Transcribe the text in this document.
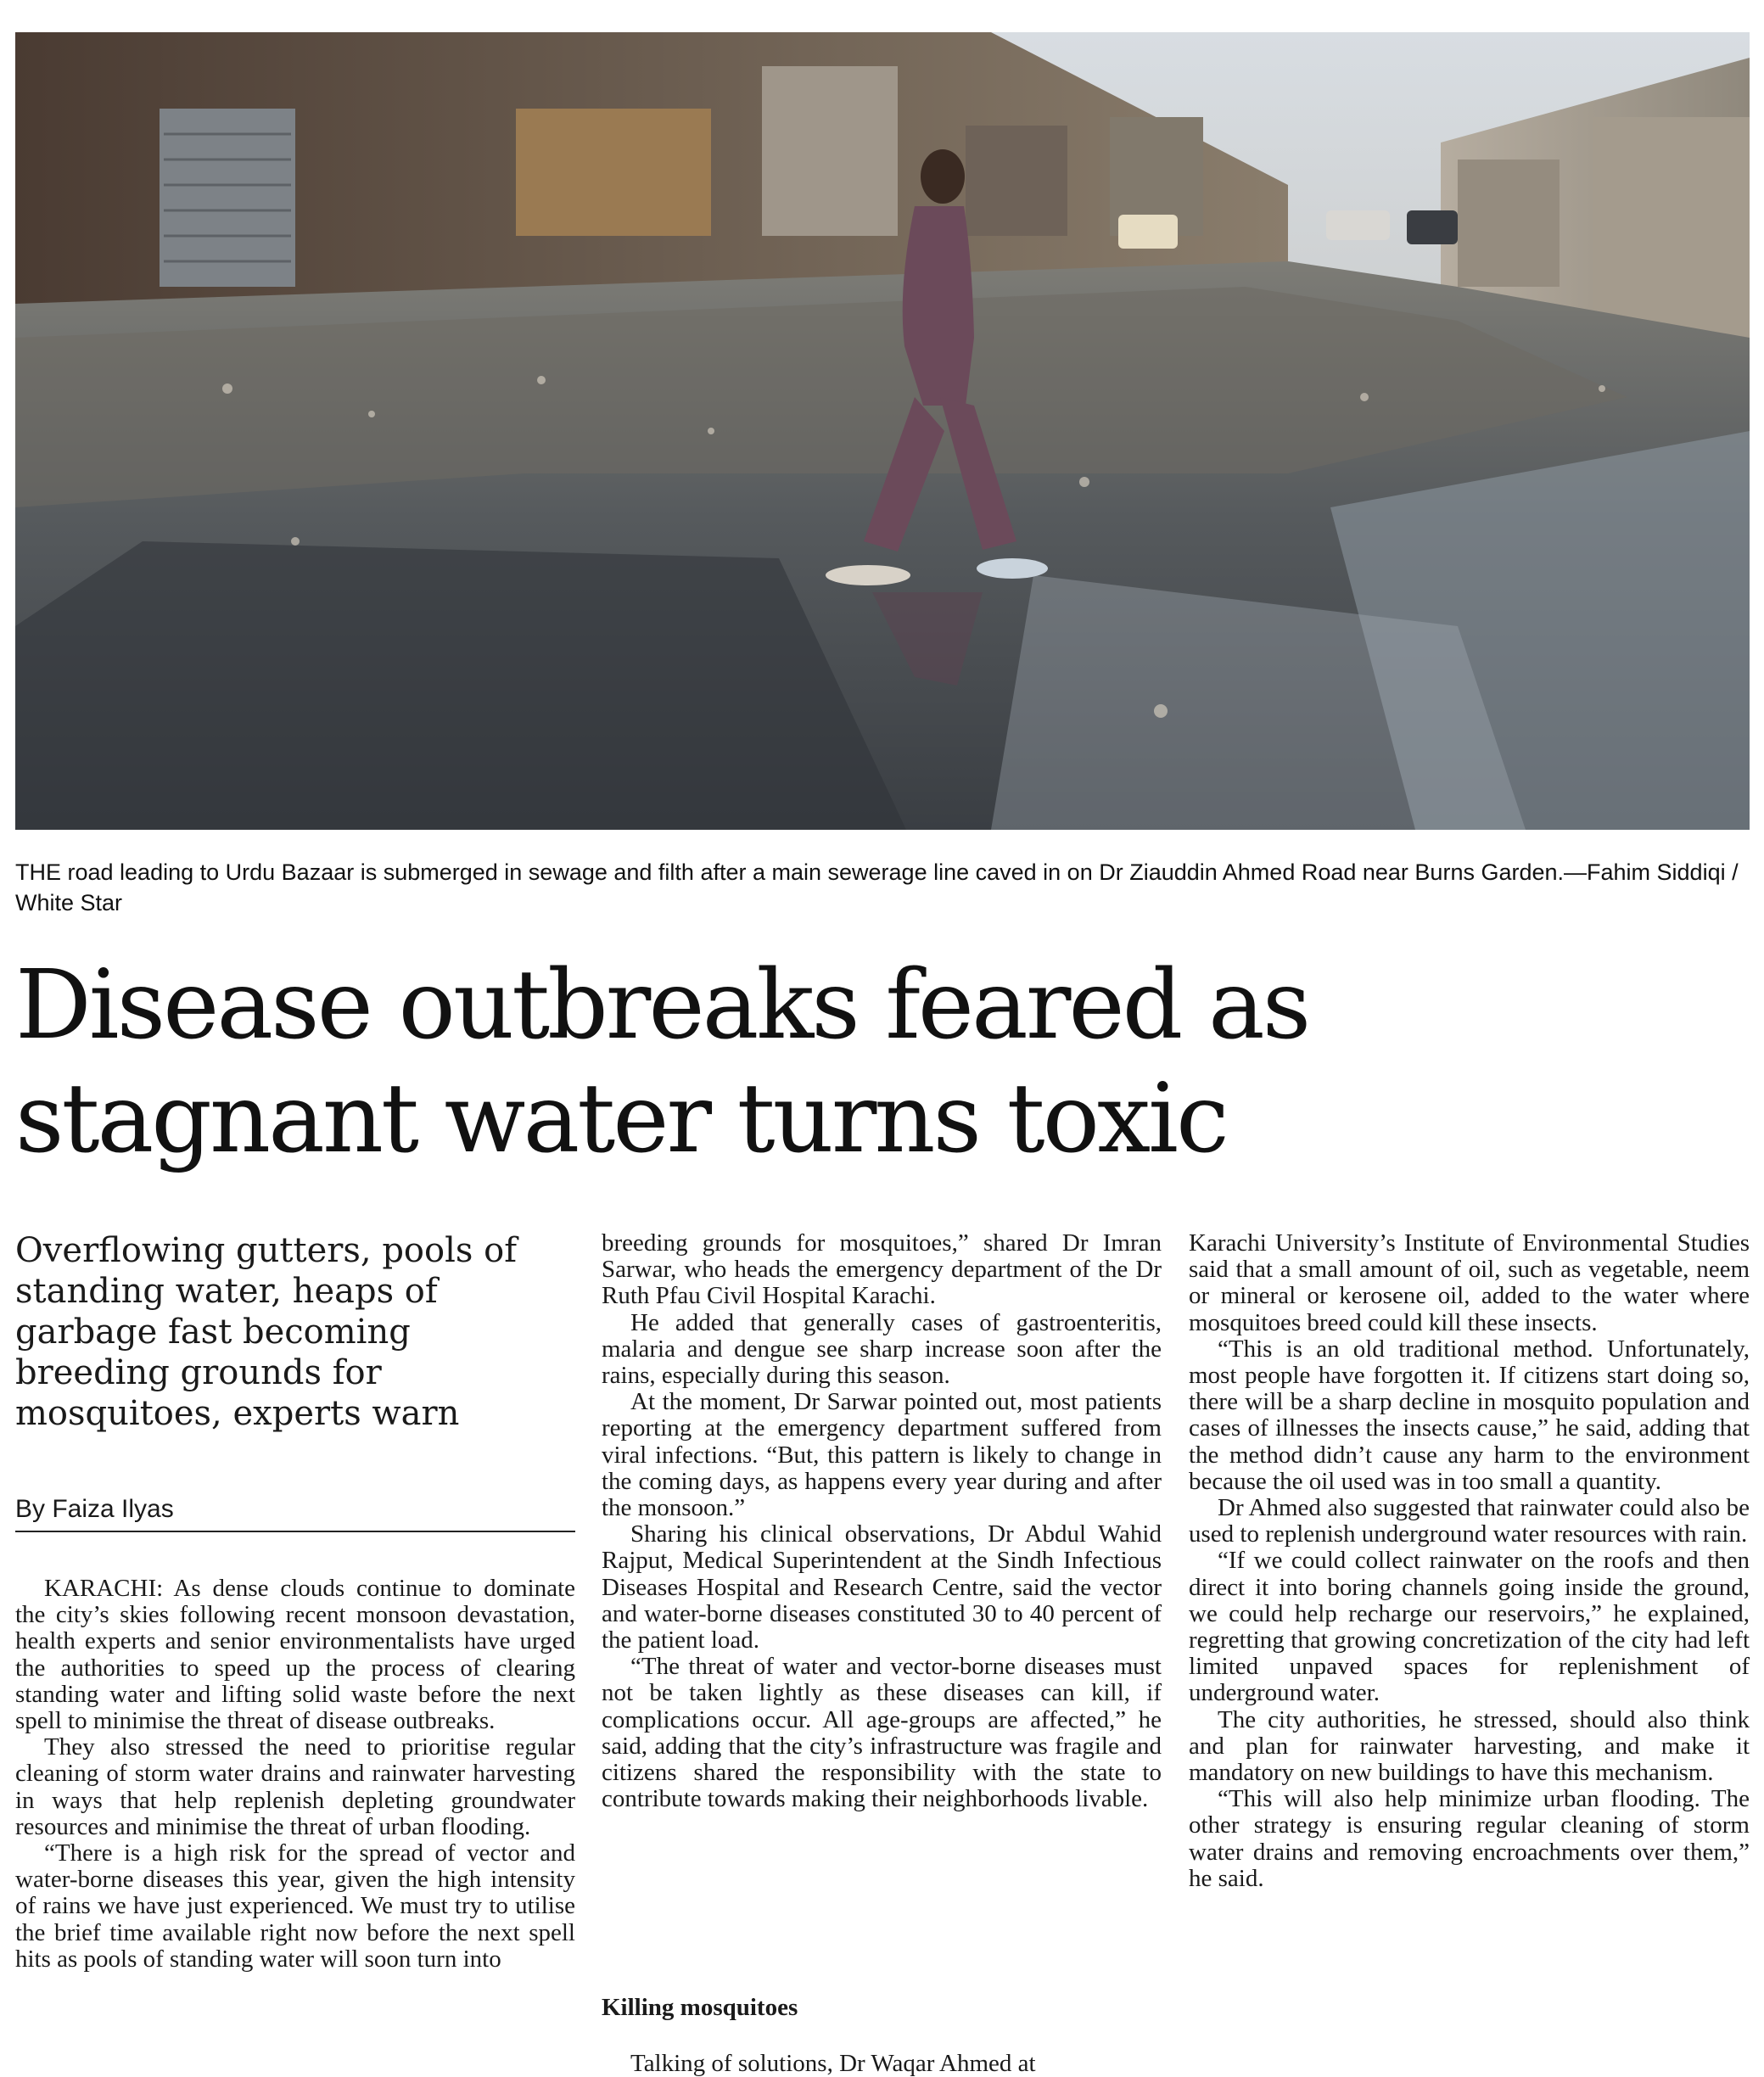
THE road leading to Urdu Bazaar is submerged in sewage and filth after a main sewerage line caved in on Dr Ziauddin Ahmed Road near Burns Garden.—Fahim Siddiqi / White Star
Disease outbreaks feared as
stagnant water turns toxic
Overflowing gutters, pools of standing water, heaps of garbage fast becoming breeding grounds for mosquitoes, experts warn
By Faiza Ilyas

KARACHI: As dense clouds continue to dominate the city’s skies following recent monsoon devastation, health experts and senior environmentalists have urged the authorities to speed up the process of clearing standing water and lifting solid waste before the next spell to minimise the threat of disease outbreaks.

They also stressed the need to prioritise regular cleaning of storm water drains and rainwater harvesting in ways that help replenish depleting groundwater resources and minimise the threat of urban flooding.

“There is a high risk for the spread of vector and water-borne diseases this year, given the high intensity of rains we have just experienced. We must try to utilise the brief time available right now before the next spell hits as pools of standing water will soon turn into

breeding grounds for mosquitoes,” shared Dr Imran Sarwar, who heads the emergency department of the Dr Ruth Pfau Civil Hospital Karachi.

He added that generally cases of gastroenteritis, malaria and dengue see sharp increase soon after the rains, especially during this season.

At the moment, Dr Sarwar pointed out, most patients reporting at the emergency department suffered from viral infections. “But, this pattern is likely to change in the coming days, as happens every year during and after the monsoon.”

Sharing his clinical observations, Dr Abdul Wahid Rajput, Medical Superintendent at the Sindh Infectious Diseases Hospital and Research Centre, said the vector and water-borne diseases constituted 30 to 40 percent of the patient load.

“The threat of water and vector-borne diseases must not be taken lightly as these diseases can kill, if complications occur. All age-groups are affected,” he said, adding that the city’s infrastructure was fragile and citizens shared the responsibility with the state to contribute towards making their neighborhoods livable.

Killing mosquitoes

Talking of solutions, Dr Waqar Ahmed at

Karachi University’s Institute of Environmental Studies said that a small amount of oil, such as vegetable, neem or mineral or kerosene oil, added to the water where mosquitoes breed could kill these insects.

“This is an old traditional method. Unfortunately, most people have forgotten it. If citizens start doing so, there will be a sharp decline in mosquito population and cases of illnesses the insects cause,” he said, adding that the method didn’t cause any harm to the environment because the oil used was in too small a quantity.

Dr Ahmed also suggested that rainwater could also be used to replenish underground water resources with rain.

“If we could collect rainwater on the roofs and then direct it into boring channels going inside the ground, we could help recharge our reservoirs,” he explained, regretting that growing concretization of the city had left limited unpaved spaces for replenishment of underground water.

The city authorities, he stressed, should also think and plan for rainwater harvesting, and make it mandatory on new buildings to have this mechanism.

“This will also help minimize urban flooding. The other strategy is ensuring regular cleaning of storm water drains and removing encroachments over them,” he said.
